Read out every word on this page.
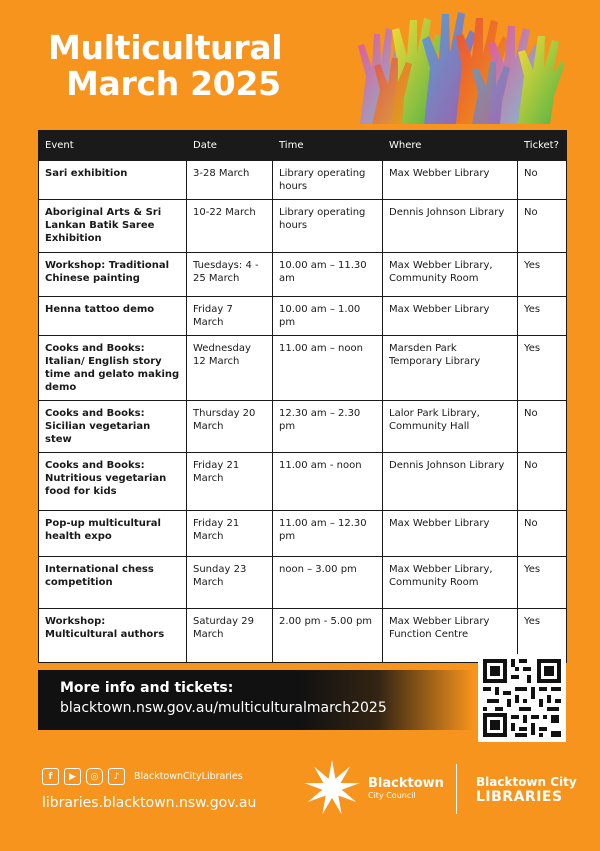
Multicultural
March 2025
Event	Date	Time	Where	Ticket?
Sari exhibition	3-28 March	Library operating hours	Max Webber Library	No
Aboriginal Arts & Sri Lankan Batik Saree Exhibition	10-22 March	Library operating hours	Dennis Johnson Library	No
Workshop: Traditional Chinese painting	Tuesdays: 4 - 25 March	10.00 am – 11.30 am	Max Webber Library, Community Room	Yes
Henna tattoo demo	Friday 7 March	10.00 am – 1.00 pm	Max Webber Library	Yes
Cooks and Books: Italian/ English story time and gelato making demo	Wednesday 12 March	11.00 am – noon	Marsden Park Temporary Library	Yes
Cooks and Books: Sicilian vegetarian stew	Thursday 20 March	12.30 am – 2.30 pm	Lalor Park Library, Community Hall	No
Cooks and Books: Nutritious vegetarian food for kids	Friday 21 March	11.00 am - noon	Dennis Johnson Library	No
Pop-up multicultural health expo	Friday 21 March	11.00 am – 12.30 pm	Max Webber Library	No
International chess competition	Sunday 23 March	noon – 3.00 pm	Max Webber Library, Community Room	Yes
Workshop: Multicultural authors	Saturday 29 March	2.00 pm - 5.00 pm	Max Webber Library Function Centre	Yes
More info and tickets:
blacktown.nsw.gov.au/multiculturalmarch2025
f	▶	◎	♪	BlacktownCityLibraries
libraries.blacktown.nsw.gov.au
Blacktown
City Council
Blacktown City
LIBRARIES
